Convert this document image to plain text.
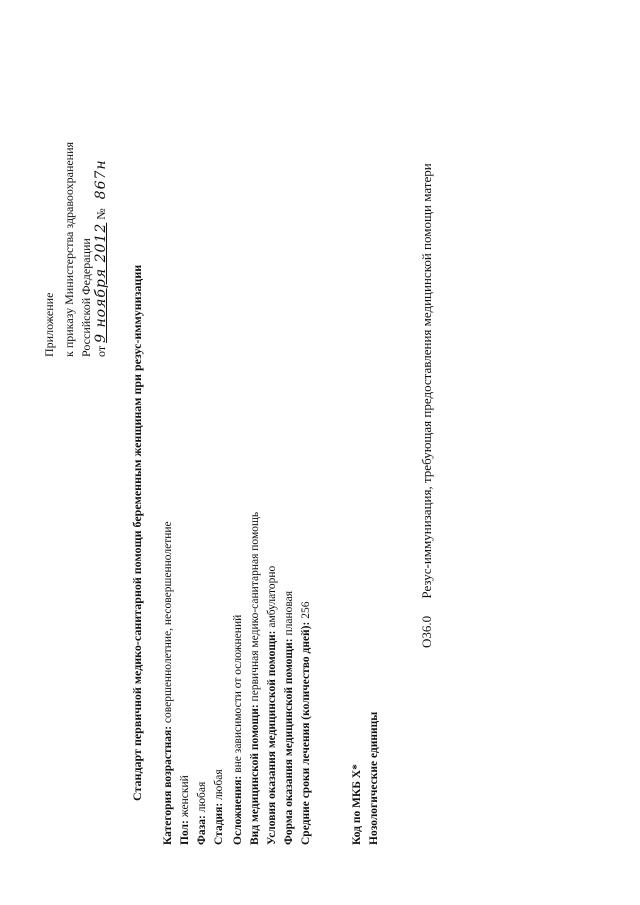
Приложение к приказу Министерства здравоохранения Российской Федерации от 9 ноября 2012 № 867н
Стандарт первичной медико-санитарной помощи беременным женщинам при резус-иммунизации Категория возрастная: совершеннолетние, несовершеннолетние
Пол: женский
Фаза: любая
Стадия: любая Осложнения: вне зависимости от осложнений Вид медицинской помощи: первичная медико-санитарная помощь
Условия оказания медицинской помощи: амбулаторно
Форма оказания медицинской помощи: плановая
Средние сроки лечения (количество дней): 256
Код по МКБ X* Нозологические единицы
O36.0 Резус-иммунизация, требующая предоставления медицинской помощи матери
